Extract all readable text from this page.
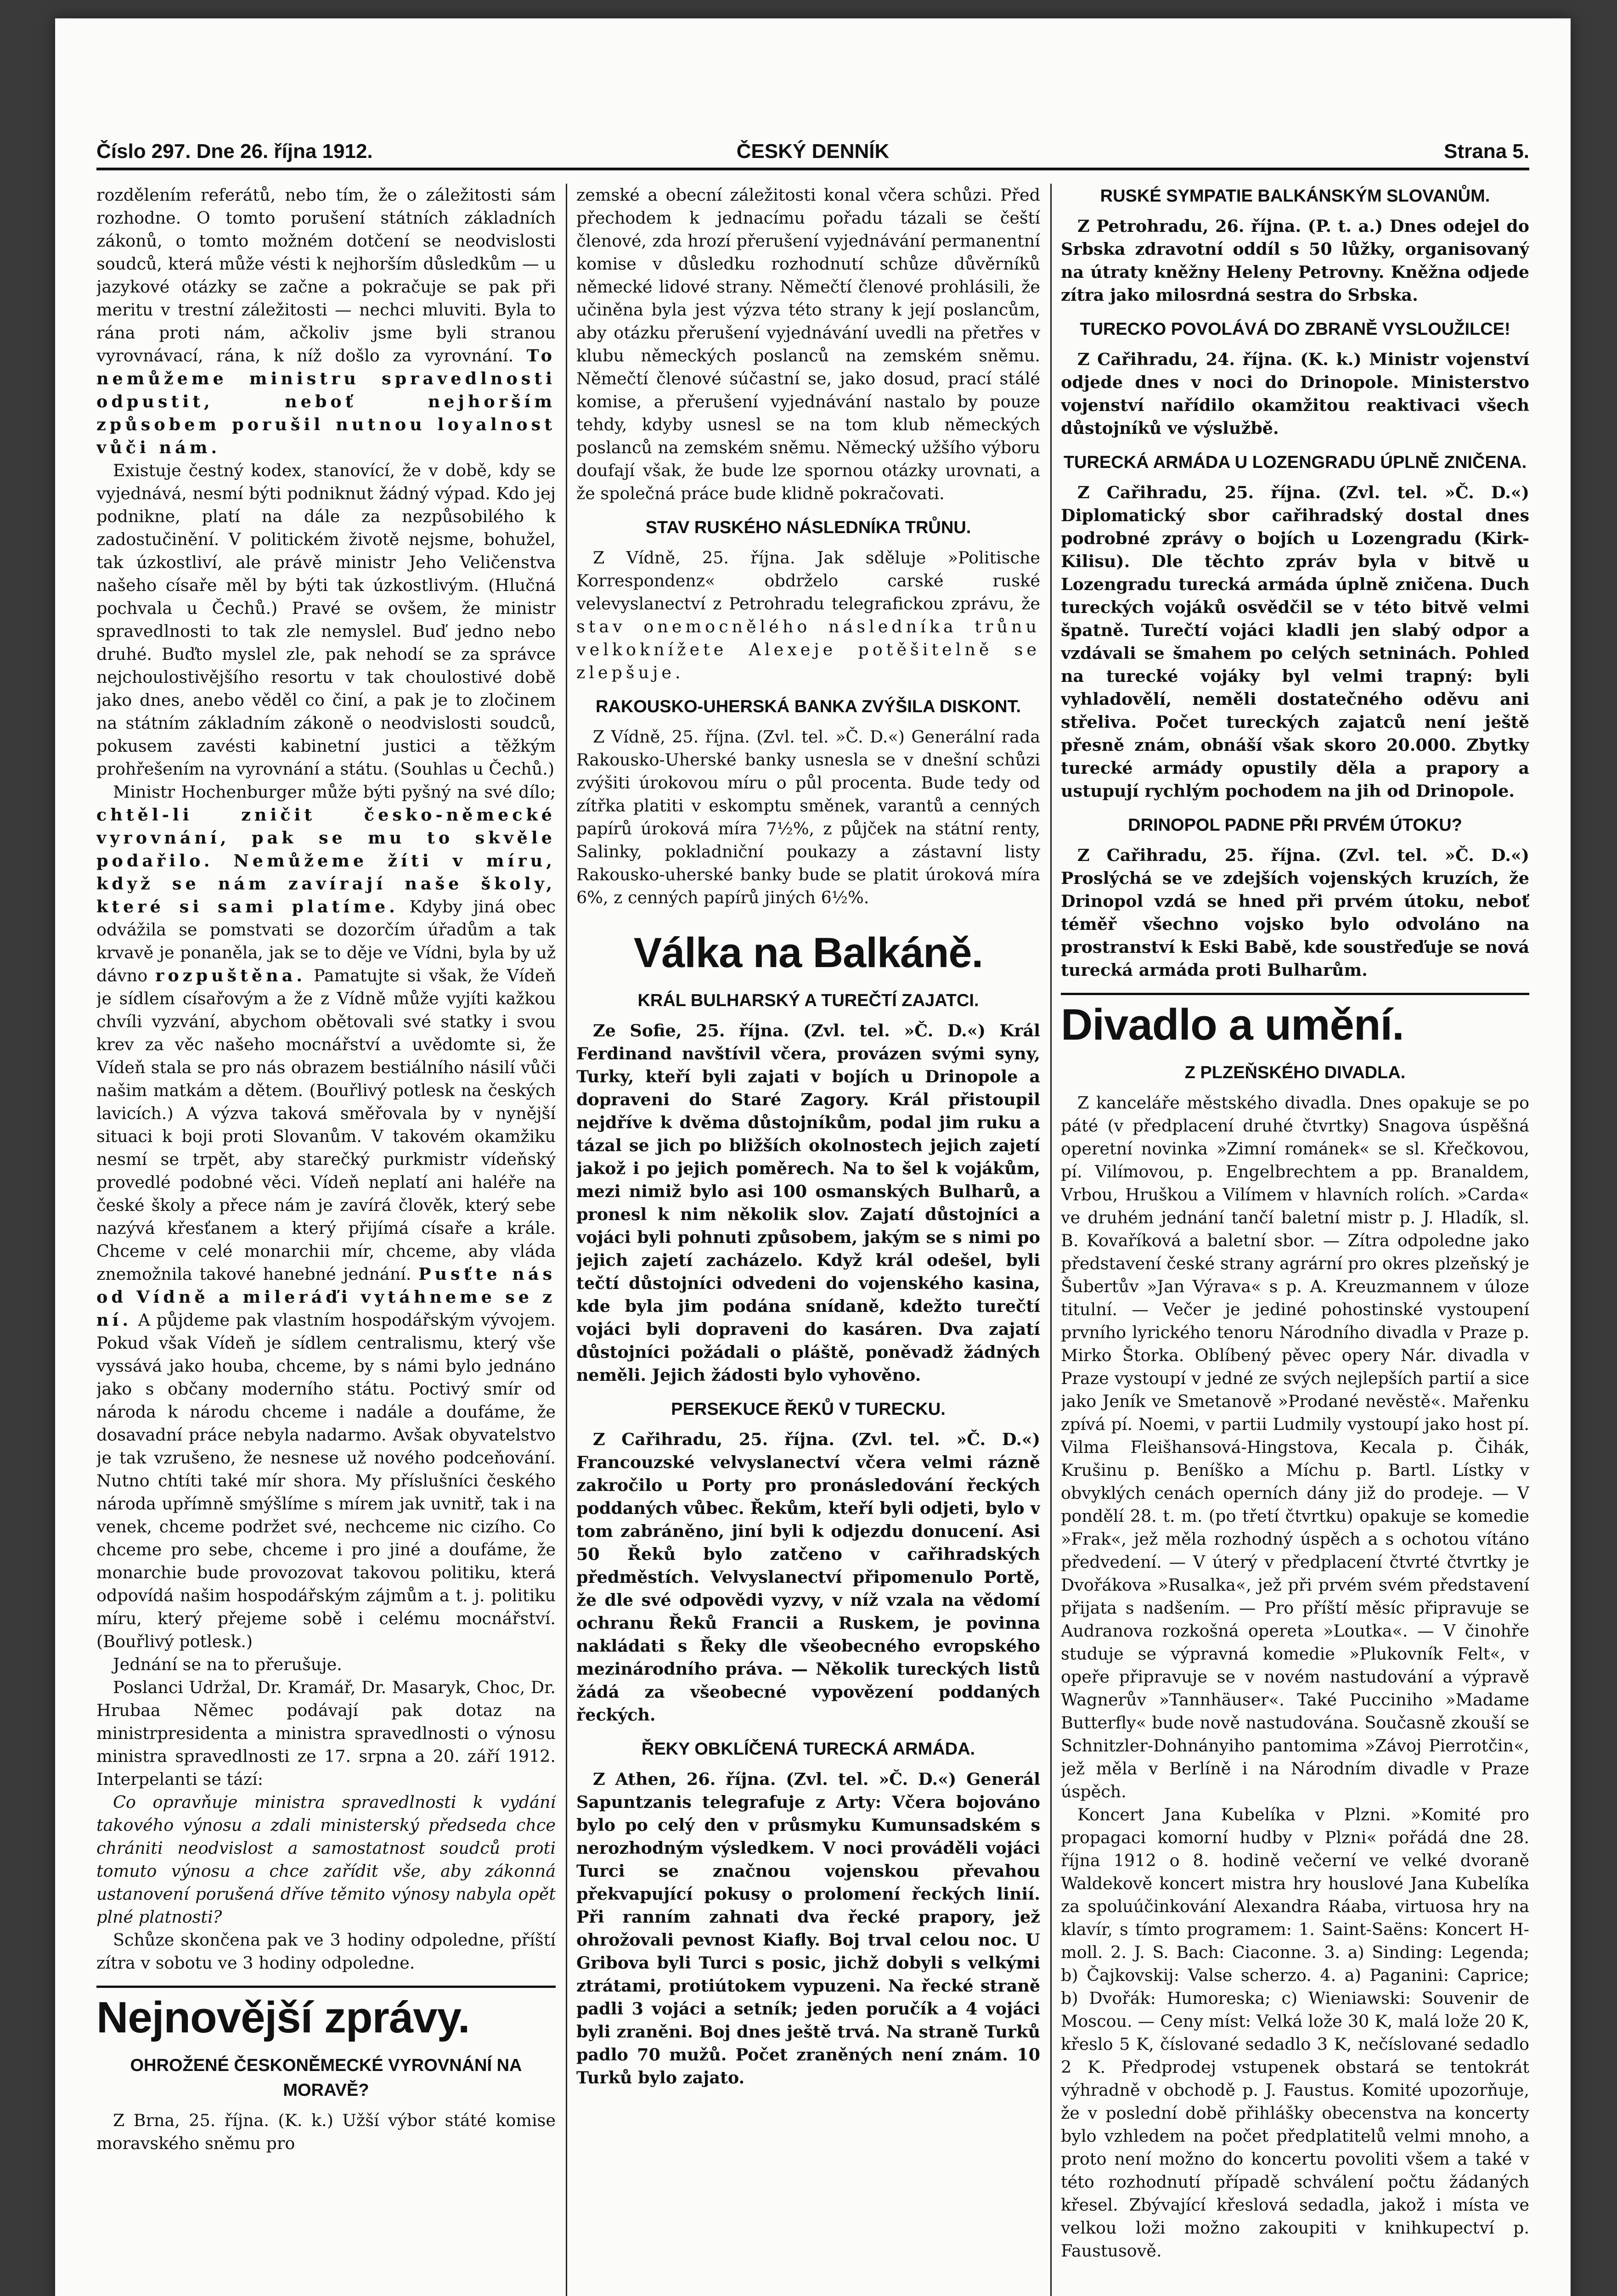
Číslo 297. Dne 26. října 1912.	ČESKÝ DENNÍK	Strana 5.

rozdělením referátů, nebo tím, že o záležitosti sám rozhodne. O tomto porušení státních základních zákonů, o tomto možném dotčení se neodvislosti soudců, která může vésti k nejhorším důsledkům — u jazykové otázky se začne a pokračuje se pak při meritu v trestní záležitosti — nechci mluviti. Byla to rána proti nám, ačkoliv jsme byli stranou vyrovnávací, rána, k níž došlo za vyrovnání. To nemůžeme ministru spravedlnosti odpustit, neboť nejhorším způsobem porušil nutnou loyalnost vůči nám.

Existuje čestný kodex, stanovící, že v době, kdy se vyjednává, nesmí býti podniknut žádný výpad. Kdo jej podnikne, platí na dále za nezpůsobilého k zadostučinění. V politickém životě nejsme, bohužel, tak úzkostliví, ale právě ministr Jeho Veličenstva našeho císaře měl by býti tak úzkostlivým. (Hlučná pochvala u Čechů.) Pravé se ovšem, že ministr spravedlnosti to tak zle nemyslel. Buď jedno nebo druhé. Buďto myslel zle, pak nehodí se za správce nejchoulostivějšího resortu v tak choulostivé době jako dnes, anebo věděl co činí, a pak je to zločinem na státním základním zákoně o neodvislosti soudců, pokusem zavésti kabinetní justici a těžkým prohřešením na vyrovnání a státu. (Souhlas u Čechů.)

Ministr Hochenburger může býti pyšný na své dílo; chtěl-li zničit česko-německé vyrovnání, pak se mu to skvěle podařilo. Nemůžeme žíti v míru, když se nám zavírají naše školy, které si sami platíme. Kdyby jiná obec odvážila se pomstvati se dozorčím úřadům a tak krvavě je ponaněla, jak se to děje ve Vídni, byla by už dávno rozpuštěna. Pamatujte si však, že Vídeň je sídlem císařovým a že z Vídně může vyjíti kažkou chvíli vyzvání, abychom obětovali své statky i svou krev za věc našeho mocnářství a uvědomte si, že Vídeň stala se pro nás obrazem bestiálního násilí vůči našim matkám a dětem. (Bouřlivý potlesk na českých lavicích.) A výzva taková směřovala by v nynější situaci k boji proti Slovanům. V takovém okamžiku nesmí se trpět, aby starečký purkmistr vídeňský provedlé podobné věci. Vídeň neplatí ani haléře na české školy a přece nám je zavírá člověk, který sebe nazývá křesťanem a který přijímá císaře a krále. Chceme v celé monarchii mír, chceme, aby vláda znemožnila takové hanebné jednání. Pusťte nás od Vídně a mileráďi vytáhneme se z ní. A půjdeme pak vlastním hospodářským vývojem. Pokud však Vídeň je sídlem centralismu, který vše vyssává jako houba, chceme, by s námi bylo jednáno jako s občany moderního státu. Poctivý smír od národa k národu chceme i nadále a doufáme, že dosavadní práce nebyla nadarmo. Avšak obyvatelstvo je tak vzrušeno, že nesnese už nového podceňování. Nutno chtíti také mír shora. My příslušníci českého národa upřímně smýšlíme s mírem jak uvnitř, tak i na venek, chceme podržet své, nechceme nic cizího. Co chceme pro sebe, chceme i pro jiné a doufáme, že monarchie bude provozovat takovou politiku, která odpovídá našim hospodářským zájmům a t. j. politiku míru, který přejeme sobě i celému mocnářství. (Bouřlivý potlesk.)

Jednání se na to přerušuje.

Poslanci Udržal, Dr. Kramář, Dr. Masaryk, Choc, Dr. Hrubaa Němec podávají pak dotaz na ministrpresidenta a ministra spravedlnosti o výnosu ministra spravedlnosti ze 17. srpna a 20. září 1912. Interpelanti se tází:

Co opravňuje ministra spravedlnosti k vydání takového výnosu a zdali ministerský předseda chce chrániti neodvislost a samostatnost soudců proti tomuto výnosu a chce zařídit vše, aby zákonná ustanovení porušená dříve těmito výnosy nabyla opět plné platnosti?

Schůze skončena pak ve 3 hodiny odpoledne, příští zítra v sobotu ve 3 hodiny odpoledne.

Nejnovější zprávy.

OHROŽENÉ ČESKONĚMECKÉ VYROVNÁNÍ NA MORAVĚ?

Z Brna, 25. října. (K. k.) Užší výbor státé komise moravského sněmu pro

zemské a obecní záležitosti konal včera schůzi. Před přechodem k jednacímu pořadu tázali se čeští členové, zda hrozí přerušení vyjednávání permanentní komise v důsledku rozhodnutí schůze důvěrníků německé lidové strany. Němečtí členové prohlásili, že učiněna byla jest výzva této strany k její poslancům, aby otázku přerušení vyjednávání uvedli na přetřes v klubu německých poslanců na zemském sněmu. Němečtí členové súčastní se, jako dosud, prací stálé komise, a přerušení vyjednávání nastalo by pouze tehdy, kdyby usnesl se na tom klub německých poslanců na zemském sněmu. Německý užšího výboru doufají však, že bude lze spornou otázky urovnati, a že společná práce bude klidně pokračovati.

STAV RUSKÉHO NÁSLEDNÍKA TRŮNU.

Z Vídně, 25. října. Jak sděluje »Politische Korrespondenz« obdrželo carské ruské velevyslanectví z Petrohradu telegrafickou zprávu, že stav onemocnělého následníka trůnu velkoknížete Alexeje potěšitelně se zlepšuje.

RAKOUSKO-UHERSKÁ BANKA ZVÝŠILA DISKONT.

Z Vídně, 25. října. (Zvl. tel. »Č. D.«) Generální rada Rakousko-Uherské banky usnesla se v dnešní schůzi zvýšiti úrokovou míru o půl procenta. Bude tedy od zítřka platiti v eskomptu směnek, varantů a cenných papírů úroková míra 7½%, z půjček na státní renty, Salinky, pokladniční poukazy a zástavní listy Rakousko-uherské banky bude se platit úroková míra 6%, z cenných papírů jiných 6½%.

Válka na Balkáně.

KRÁL BULHARSKÝ A TUREČTÍ ZAJATCI.

Ze Sofie, 25. října. (Zvl. tel. »Č. D.«) Král Ferdinand navštívil včera, provázen svými syny, Turky, kteří byli zajati v bojích u Drinopole a dopraveni do Staré Zagory. Král přistoupil nejdříve k dvěma důstojníkům, podal jim ruku a tázal se jich po bližších okolnostech jejich zajetí jakož i po jejich poměrech. Na to šel k vojákům, mezi nimiž bylo asi 100 osmanských Bulharů, a pronesl k nim několik slov. Zajatí důstojníci a vojáci byli pohnuti způsobem, jakým se s nimi po jejich zajetí zacházelo. Když král odešel, byli tečtí důstojníci odvedeni do vojenského kasina, kde byla jim podána snídaně, kdežto turečtí vojáci byli dopraveni do kasáren. Dva zajatí důstojníci požádali o pláště, poněvadž žádných neměli. Jejich žádosti bylo vyhověno.

PERSEKUCE ŘEKŮ V TURECKU.

Z Cařihradu, 25. října. (Zvl. tel. »Č. D.«) Francouzské velvyslanectví včera velmi rázně zakročilo u Porty pro pronásledování řeckých poddaných vůbec. Řekům, kteří byli odjeti, bylo v tom zabráněno, jiní byli k odjezdu donucení. Asi 50 Řeků bylo zatčeno v cařihradských předměstích. Velvyslanectví připomenulo Portě, že dle své odpovědi vyzvy, v níž vzala na vědomí ochranu Řeků Francii a Ruskem, je povinna nakládati s Řeky dle všeobecného evropského mezinárodního práva. — Několik tureckých listů žádá za všeobecné vypovězení poddaných řeckých.

ŘEKY OBKLÍČENÁ TURECKÁ ARMÁDA.

Z Athen, 26. října. (Zvl. tel. »Č. D.«) Generál Sapuntzanis telegrafuje z Arty: Včera bojováno bylo po celý den v průsmyku Kumunsadském s nerozhodným výsledkem. V noci prováděli vojáci Turci se značnou vojenskou převahou překvapující pokusy o prolomení řeckých linií. Při ranním zahnati dva řecké prapory, jež ohrožovali pevnost Kiafly. Boj trval celou noc. U Gribova byli Turci s posic, jichž dobyli s velkými ztrátami, protiútokem vypuzeni. Na řecké straně padli 3 vojáci a setník; jeden poručík a 4 vojáci byli zraněni. Boj dnes ještě trvá. Na straně Turků padlo 70 mužů. Počet zraněných není znám. 10 Turků bylo zajato.

RUSKÉ SYMPATIE BALKÁNSKÝM SLOVANŮM.

Z Petrohradu, 26. října. (P. t. a.) Dnes odejel do Srbska zdravotní oddíl s 50 lůžky, organisovaný na útraty kněžny Heleny Petrovny. Kněžna odjede zítra jako milosrdná sestra do Srbska.

TURECKO POVOLÁVÁ DO ZBRANĚ VYSLOUŽILCE!

Z Cařihradu, 24. října. (K. k.) Ministr vojenství odjede dnes v noci do Drinopole. Ministerstvo vojenství nařídilo okamžitou reaktivaci všech důstojníků ve výslužbě.

TURECKÁ ARMÁDA U LOZENGRADU ÚPLNĚ ZNIČENA.

Z Cařihradu, 25. října. (Zvl. tel. »Č. D.«) Diplomatický sbor cařihradský dostal dnes podrobné zprávy o bojích u Lozengradu (Kirk-Kilisu). Dle těchto zpráv byla v bitvě u Lozengradu turecká armáda úplně zničena. Duch tureckých vojáků osvědčil se v této bitvě velmi špatně. Turečtí vojáci kladli jen slabý odpor a vzdávali se šmahem po celých setninách. Pohled na turecké vojáky byl velmi trapný: byli vyhladovělí, neměli dostatečného oděvu ani střeliva. Počet tureckých zajatců není ještě přesně znám, obnáší však skoro 20.000. Zbytky turecké armády opustily děla a prapory a ustupují rychlým pochodem na jih od Drinopole.

DRINOPOL PADNE PŘI PRVÉM ÚTOKU?

Z Cařihradu, 25. října. (Zvl. tel. »Č. D.«) Proslýchá se ve zdejších vojenských kruzích, že Drinopol vzdá se hned při prvém útoku, neboť téměř všechno vojsko bylo odvoláno na prostranství k Eski Babě, kde soustřeďuje se nová turecká armáda proti Bulharům.

Divadlo a umění.

Z PLZEŇSKÉHO DIVADLA.

Z kanceláře městského divadla. Dnes opakuje se po páté (v předplacení druhé čtvrtky) Snagova úspěšná operetní novinka »Zimní románek« se sl. Křečkovou, pí. Vilímovou, p. Engelbrechtem a pp. Branaldem, Vrbou, Hruškou a Vilímem v hlavních rolích. »Carda« ve druhém jednání tančí baletní mistr p. J. Hladík, sl. B. Kovaříková a baletní sbor. — Zítra odpoledne jako představení české strany agrární pro okres plzeňský je Šubertův »Jan Výrava« s p. A. Kreuzmannem v úloze titulní. — Večer je jediné pohostinské vystoupení prvního lyrického tenoru Národního divadla v Praze p. Mirko Štorka. Oblíbený pěvec opery Nár. divadla v Praze vystoupí v jedné ze svých nejlepších partií a sice jako Jeník ve Smetanově »Prodané nevěstě«. Mařenku zpívá pí. Noemi, v partii Ludmily vystoupí jako host pí. Vilma Fleišhansová-Hingstova, Kecala p. Čihák, Krušinu p. Beníško a Míchu p. Bartl. Lístky v obvyklých cenách operních dány již do prodeje. — V pondělí 28. t. m. (po třetí čtvrtku) opakuje se komedie »Frak«, jež měla rozhodný úspěch a s ochotou vítáno předvedení. — V úterý v předplacení čtvrté čtvrtky je Dvořákova »Rusalka«, jež při prvém svém představení přijata s nadšením. — Pro příští měsíc připravuje se Audranova rozkošná opereta »Loutka«. — V činohře studuje se výpravná komedie »Plukovník Felt«, v opeře připravuje se v novém nastudování a výpravě Wagnerův »Tannhäuser«. Také Pucciniho »Madame Butterfly« bude nově nastudována. Současně zkouší se Schnitzler-Dohnányiho pantomima »Závoj Pierrotčin«, jež měla v Berlíně i na Národním divadle v Praze úspěch.

Koncert Jana Kubelíka v Plzni. »Komité pro propagaci komorní hudby v Plzni« pořádá dne 28. října 1912 o 8. hodině večerní ve velké dvoraně Waldekově koncert mistra hry houslové Jana Kubelíka za spoluúčinkování Alexandra Ráaba, virtuosa hry na klavír, s tímto programem: 1. Saint-Saëns: Koncert H-moll. 2. J. S. Bach: Ciaconne. 3. a) Sinding: Legenda; b) Čajkovskij: Valse scherzo. 4. a) Paganini: Caprice; b) Dvořák: Humoreska; c) Wieniawski: Souvenir de Moscou. — Ceny míst: Velká lože 30 K, malá lože 20 K, křeslo 5 K, číslované sedadlo 3 K, nečíslované sedadlo 2 K. Předprodej vstupenek obstará se tentokrát výhradně v obchodě p. J. Faustus. Komité upozorňuje, že v poslední době přihlášky obecenstva na koncerty bylo vzhledem na počet předplatitelů velmi mnoho, a proto není možno do koncertu povoliti všem a také v této rozhodnutí případě schválení počtu žádaných křesel. Zbývající křeslová sedadla, jakož i místa ve velkou loži možno zakoupiti v knihkupectví p. Faustusově.
